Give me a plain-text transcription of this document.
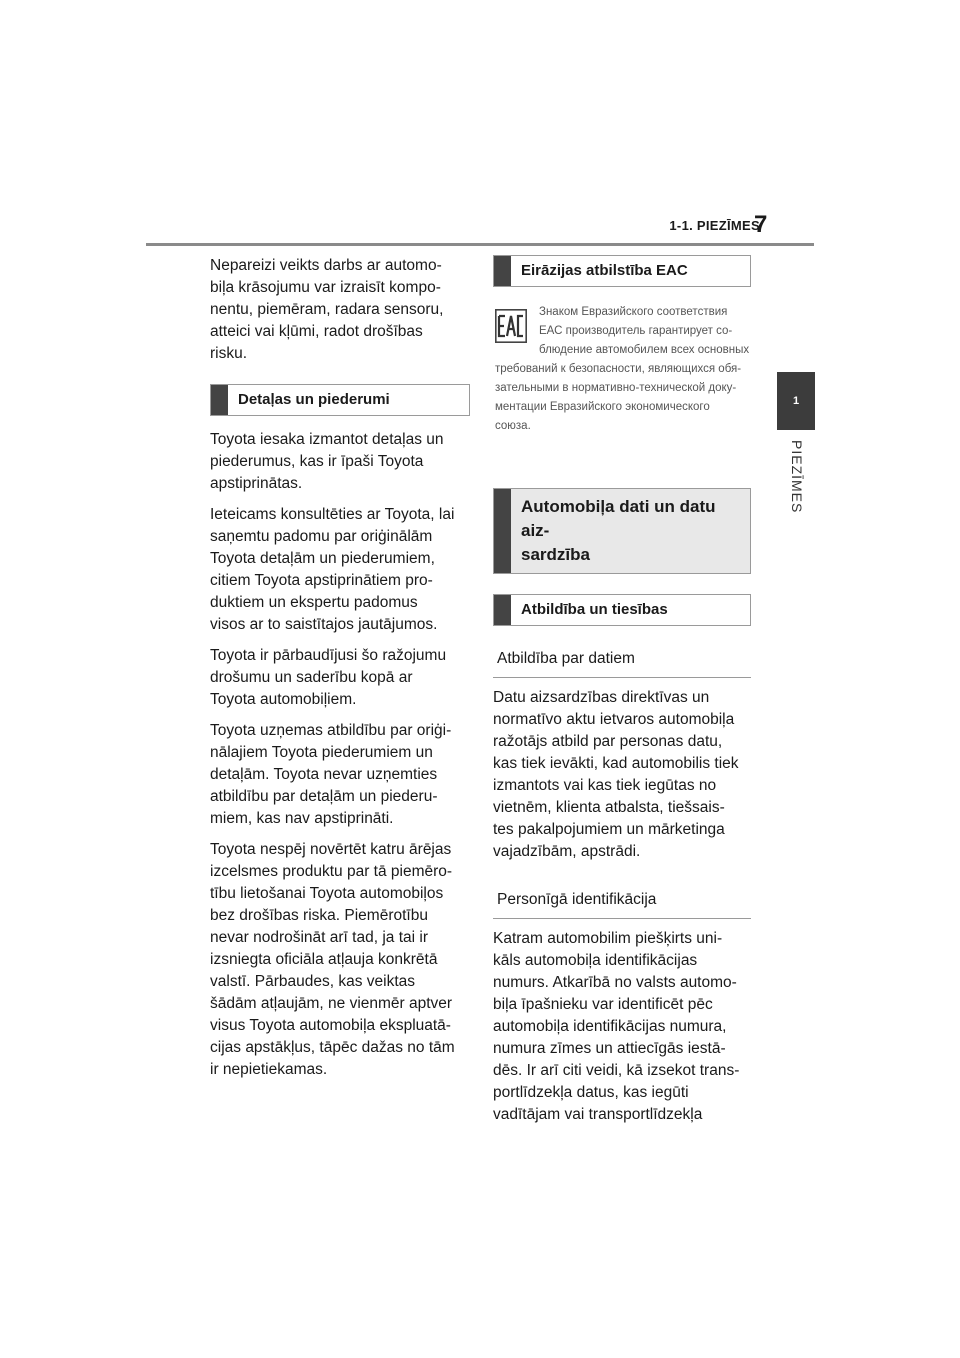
1-1. PIEZĪMES
7
1
PIEZĪMES

Nepareizi veikts darbs ar automo-
biļa krāsojumu var izraisīt kompo-
nentu, piemēram, radara sensoru,
atteici vai kļūmi, radot drošības
risku.

Detaļas un piederumi

Toyota iesaka izmantot detaļas un
piederumus, kas ir īpaši Toyota
apstiprinātas.

Ieteicams konsultēties ar Toyota, lai
saņemtu padomu par oriģinālām
Toyota detaļām un piederumiem,
citiem Toyota apstiprinātiem pro-
duktiem un ekspertu padomus
visos ar to saistītajos jautājumos.

Toyota ir pārbaudījusi šo ražojumu
drošumu un saderību kopā ar
Toyota automobiļiem.

Toyota uzņemas atbildību par oriģi-
nālajiem Toyota piederumiem un
detaļām. Toyota nevar uzņemties
atbildību par detaļām un piederu-
miem, kas nav apstiprināti.

Toyota nespēj novērtēt katru ārējas
izcelsmes produktu par tā piemēro-
tību lietošanai Toyota automobiļos
bez drošības riska. Piemērotību
nevar nodrošināt arī tad, ja tai ir
izsniegta oficiāla atļauja konkrētā
valstī. Pārbaudes, kas veiktas
šādām atļaujām, ne vienmēr aptver
visus Toyota automobiļa ekspluatā-
cijas apstākļus, tāpēc dažas no tām
ir nepietiekamas.

Eirāzijas atbilstība EAC
Знаком Евразийского соответствия
ЕАС производитель гарантирует со-
блюдение автомобилем всех основных
требований к безопасности, являющихся обя-
зательными в нормативно-технической доку-
ментации Евразийского экономического
союза.
Automobiļa dati un datu aiz-
sardzība
Atbildība un tiesības
Atbildība par datiem

Datu aizsardzības direktīvas un
normatīvo aktu ietvaros automobiļa
ražotājs atbild par personas datu,
kas tiek ievākti, kad automobilis tiek
izmantots vai kas tiek iegūtas no
vietnēm, klienta atbalsta, tiešsais-
tes pakalpojumiem un mārketinga
vajadzībām, apstrādi.

Personīgā identifikācija

Katram automobilim piešķirts uni-
kāls automobiļa identifikācijas
numurs. Atkarībā no valsts automo-
biļa īpašnieku var identificēt pēc
automobiļa identifikācijas numura,
numura zīmes un attiecīgās iestā-
dēs. Ir arī citi veidi, kā izsekot trans-
portlīdzekļa datus, kas iegūti
vadītājam vai transportlīdzekļa
